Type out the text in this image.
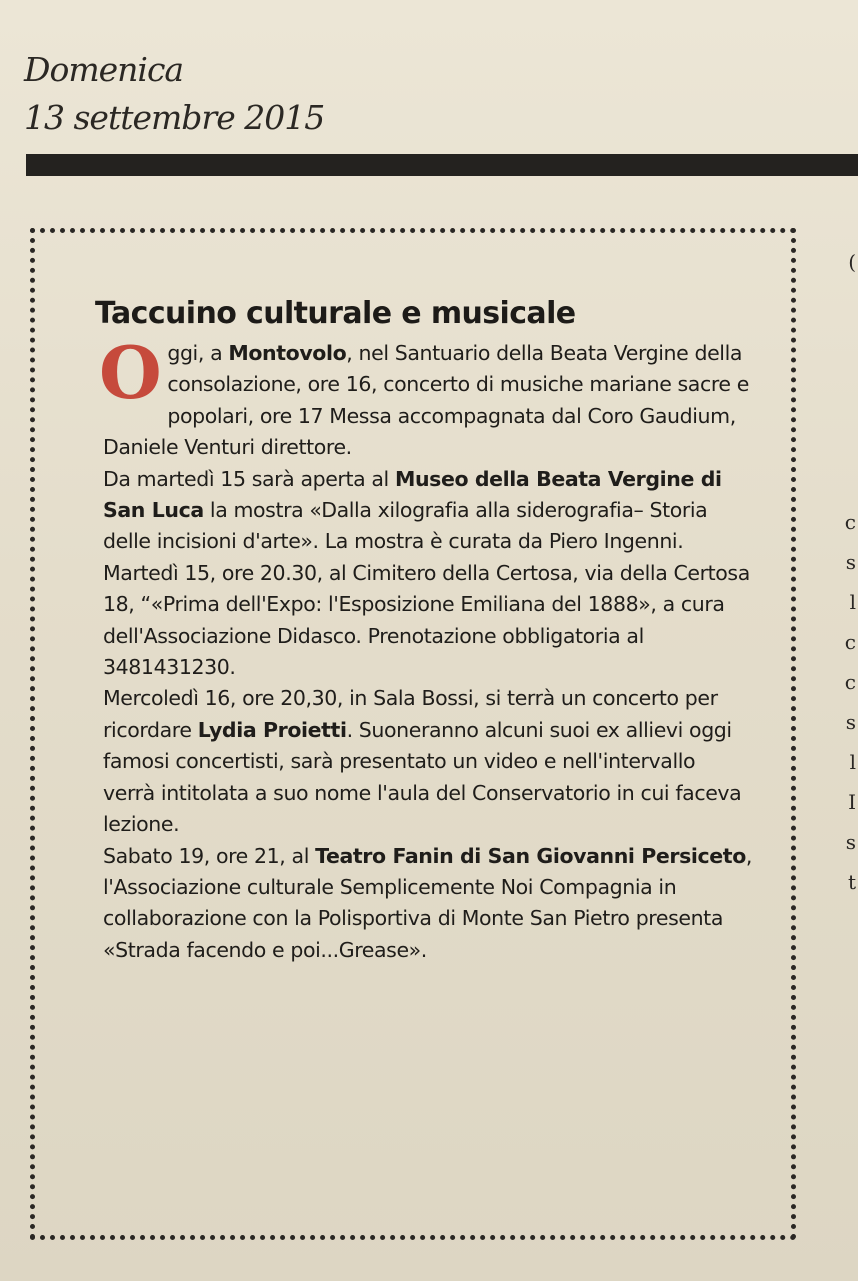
Domenica
13 settembre 2015
Taccuino culturale e musicale

Oggi, a Montovolo, nel Santuario della Beata Vergine della consolazione, ore 16, concerto di musiche mariane sacre e popolari, ore 17 Messa accompagnata dal Coro Gaudium, Daniele Venturi direttore.

Da martedì 15 sarà aperta al Museo della Beata Vergine di San Luca la mostra «Dalla xilografia alla siderografia– Storia delle incisioni d'arte». La mostra è curata da Piero Ingenni.

Martedì 15, ore 20.30, al Cimitero della Certosa, via della Certosa 18, “«Prima dell'Expo: l'Esposizione Emiliana del 1888», a cura dell'Associazione Didasco. Prenotazione obbligatoria al 3481431230.

Mercoledì 16, ore 20,30, in Sala Bossi, si terrà un concerto per ricordare Lydia Proietti. Suoneranno alcuni suoi ex allievi oggi famosi concertisti, sarà presentato un video e nell'intervallo verrà intitolata a suo nome l'aula del Conservatorio in cui faceva lezione.

Sabato 19, ore 21, al Teatro Fanin di San Giovanni Persiceto, l'Associazione culturale Semplicemente Noi Compagnia in collaborazione con la Polisportiva di Monte San Pietro presenta «Strada facendo e poi...Grease».

(
c
s
l
c
c
s
l
I
s
t
